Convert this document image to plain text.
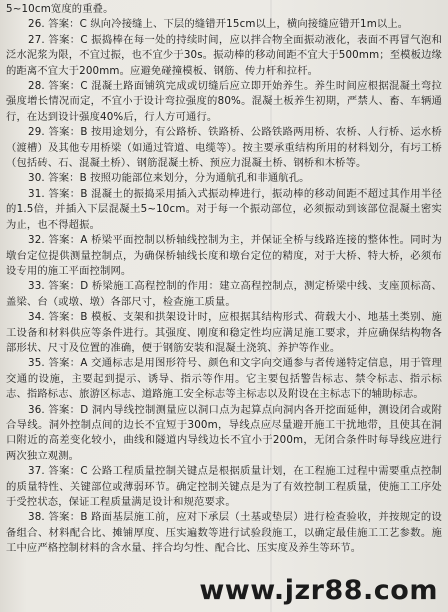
5~10cm宽度的重叠。

26. 答案：C 纵向冷接缝上、下层的缝错开15cm以上，横向接缝应错开1m以上。

27. 答案：C 振捣棒在每一处的持续时间，应以拌合物全面振动液化，表面不再冒气泡和泛水泥浆为限，不宜过振，也不宜少于30s。振动棒的移动间距不宜大于500mm；至模板边缘的距离不宜大于200mm。应避免碰撞模板、钢筋、传力杆和拉杆。

28. 答案：C 混凝土路面铺筑完成或切缝后应立即开始养生。养生时间应根据混凝土弯拉强度增长情况而定，不宜小于设计弯拉强度的80%。混凝土板养生初期，严禁人、畜、车辆通行，在达到设计强度40%后，行人方可通行。

29. 答案：B 按用途划分，有公路桥、铁路桥、公路铁路两用桥、农桥、人行桥、运水桥（渡槽）及其他专用桥梁（如通过管道、电缆等）。按主要承重结构所用的材料划分，有圬工桥（包括砖、石、混凝土桥）、钢筋混凝土桥、预应力混凝土桥、钢桥和木桥等。

30. 答案：B 按照功能部位来划分，分为通航孔和非通航孔。

31. 答案：B 混凝土的振捣采用插入式振动棒进行，振动棒的移动间距不超过其作用半径的1.5倍，并插入下层混凝土5~10cm。对于每一个振动部位，必须振动到该部位混凝土密实为止，也不得超振。

32. 答案：A 桥梁平面控制以桥轴线控制为主，并保证全桥与线路连接的整体性。同时为墩台定位提供测量控制点，为确保桥轴线长度和墩台定位的精度，对于大桥、特大桥，必须布设专用的施工平面控制网。

33. 答案：D 桥梁施工高程控制的作用：建立高程控制点，测定桥梁中线、支座顶标高、盖梁、台（或墩、墩）各部尺寸，检查施工质量。

34. 答案：B 模板、支架和拱架设计时，应根据其结构形式、荷载大小、地基土类别、施工设备和材料供应等条件进行。其强度、刚度和稳定性均应满足施工要求，并应确保结构物各部形状、尺寸及位置的准确，便于钢筋安装和混凝土浇筑、养护等作业。

35. 答案：A 交通标志是用图形符号、颜色和文字向交通参与者传递特定信息，用于管理交通的设施，主要起到提示、诱导、指示等作用。它主要包括警告标志、禁令标志、指示标志、指路标志、旅游区标志、道路施工安全标志等主标志以及附设在主标志下的辅助标志。

36. 答案：D 洞内导线控制测量应以洞口点为起算点向洞内各开挖面延伸，测设闭合或附合导线。洞外控制点间的边长不宜短于300m，导线点应尽量避开施工干扰地带，且使其在洞口附近的高差变化较小，曲线和隧道内导线边长不宜小于200m，无闭合条件时每导线应进行两次独立观测。

37. 答案：C 公路工程质量控制关键点是根据质量计划，在工程施工过程中需要重点控制的质量特性、关键部位或薄弱环节。确定控制关键点是为了有效控制工程质量，使施工工序处于受控状态，保证工程质量满足设计和规范要求。

38. 答案：B 路面基层施工前，应对下承层（土基或垫层）进行检查验收，并按规定的设备组合、材料配合比、摊铺厚度、压实遍数等进行试验段施工，以确定最佳施工工艺参数。施工中应严格控制材料的含水量、拌合均匀性、配合比、压实度及养生等环节。

www.jzr88.com
